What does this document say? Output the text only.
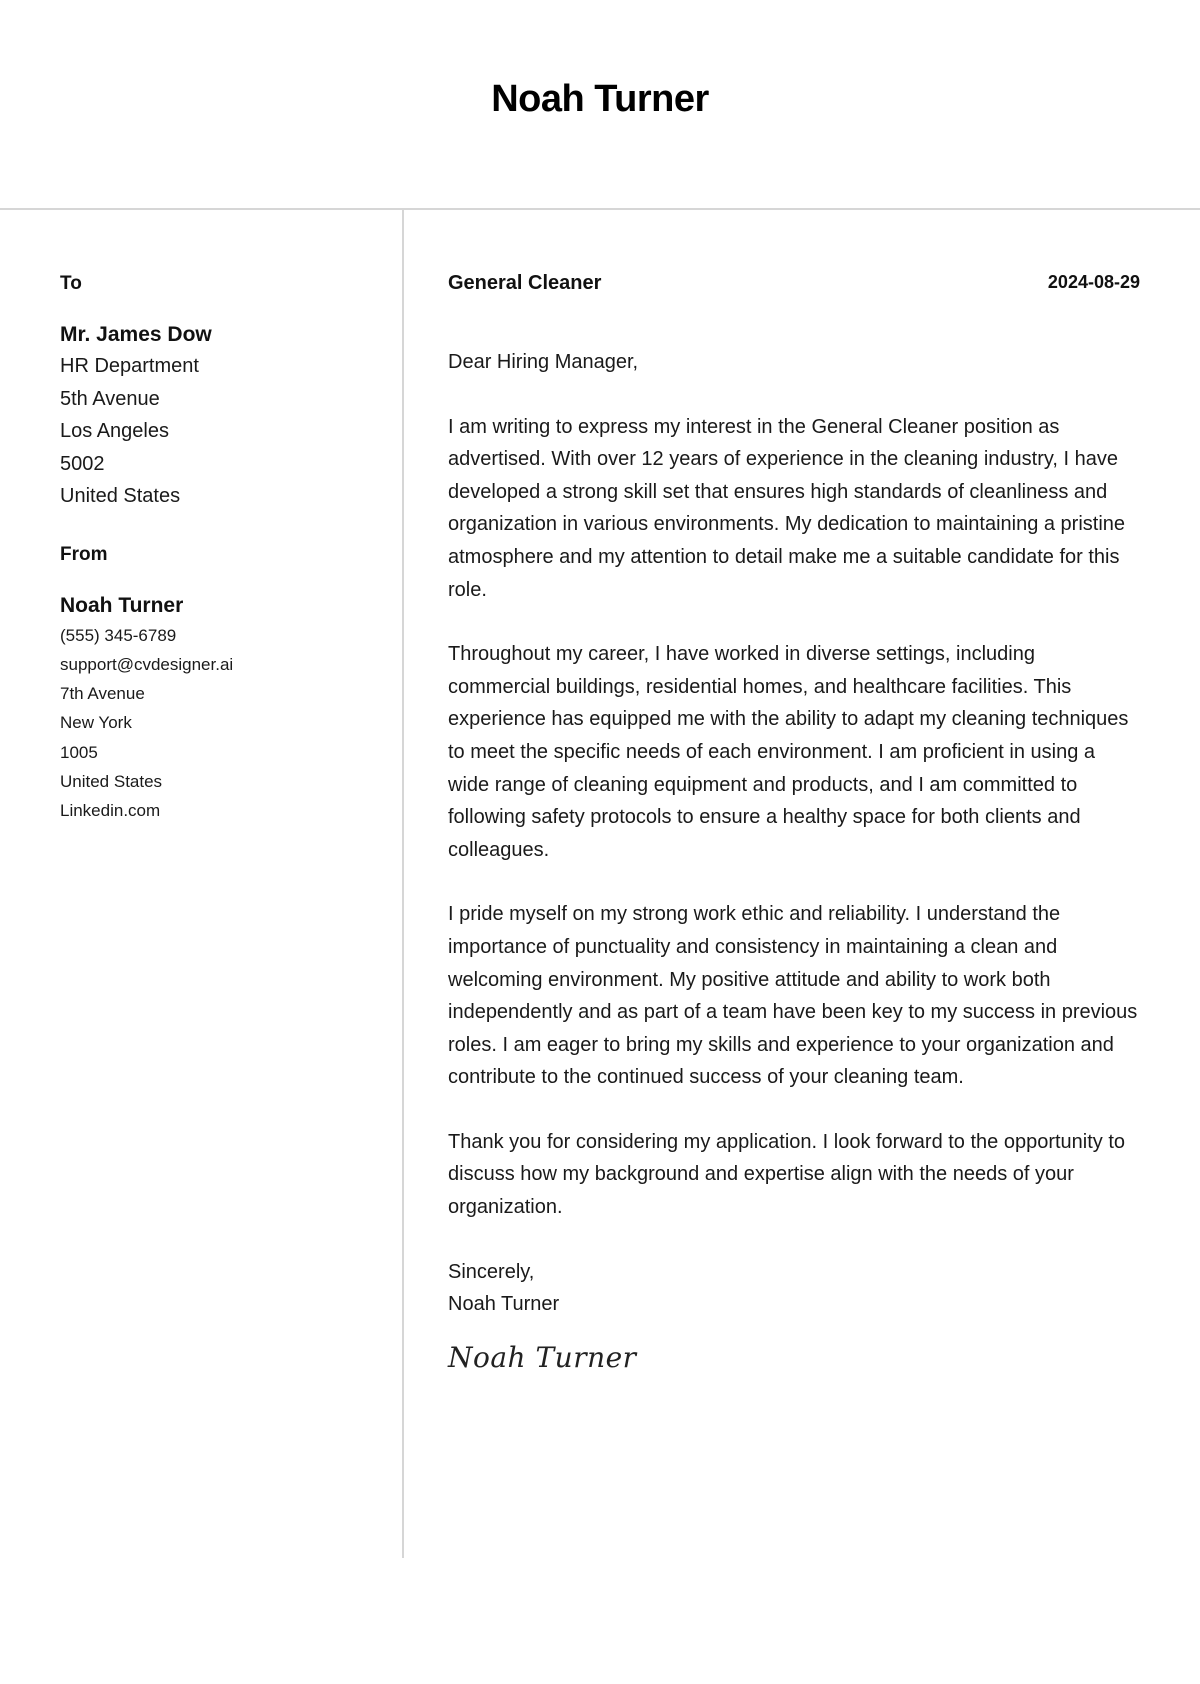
Noah Turner
To
Mr. James Dow
HR Department
5th Avenue
Los Angeles
5002
United States
From
Noah Turner
(555) 345-6789
support@cvdesigner.ai
7th Avenue
New York
1005
United States
Linkedin.com
General Cleaner	2024-08-29
Dear Hiring Manager,
I am writing to express my interest in the General Cleaner position as advertised. With over 12 years of experience in the cleaning industry, I have developed a strong skill set that ensures high standards of cleanliness and organization in various environments. My dedication to maintaining a pristine atmosphere and my attention to detail make me a suitable candidate for this role.
Throughout my career, I have worked in diverse settings, including commercial buildings, residential homes, and healthcare facilities. This experience has equipped me with the ability to adapt my cleaning techniques to meet the specific needs of each environment. I am proficient in using a wide range of cleaning equipment and products, and I am committed to following safety protocols to ensure a healthy space for both clients and colleagues.
I pride myself on my strong work ethic and reliability. I understand the importance of punctuality and consistency in maintaining a clean and welcoming environment. My positive attitude and ability to work both independently and as part of a team have been key to my success in previous roles. I am eager to bring my skills and experience to your organization and contribute to the continued success of your cleaning team.
Thank you for considering my application. I look forward to the opportunity to discuss how my background and expertise align with the needs of your organization.
Sincerely,
Noah Turner
Noah Turner
